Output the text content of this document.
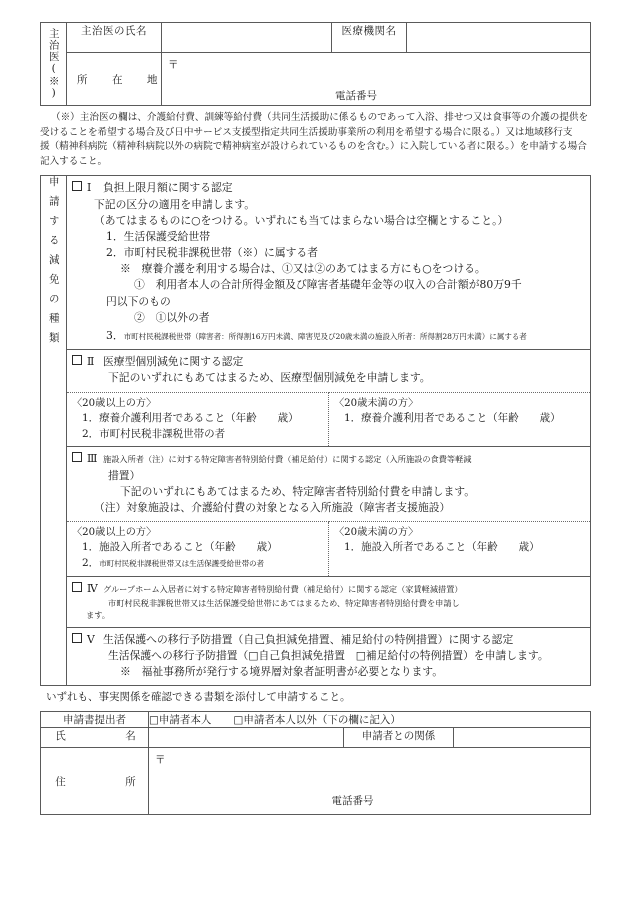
主治医(※)	主治医の氏名		医療機関名	
	所　在　地	〒
電話番号		
（※）主治医の欄は、介護給付費、訓練等給付費（共同生活援助に係るものであって入浴、排せつ又は食事等の介護の提供を
受けることを希望する場合及び日中サービス支援型指定共同生活援助事業所の利用を希望する場合に限る。）又は地域移行支
援（精神科病院（精神科病院以外の病院で精神病室が設けられているものを含む。）に入院している者に限る。）を申請する場合
記入すること。
申請する減免の種類	Ⅰ 負担上限月額に関する認定
下記の区分の適用を申請します。
（あてはまるものに○をつける。いずれにも当てはまらない場合は空欄とすること。）
1．生活保護受給世帯
2．市町村民税非課税世帯（※）に属する者
※　療養介護を利用する場合は、①又は②のあてはまる方にも○をつける。
①　利用者本人の合計所得金額及び障害者基礎年金等の収入の合計額が80万9千
円以下のもの
②　①以外の者
3．市町村民税課税世帯（障害者：所得割16万円未満、障害児及び20歳未満の施設入所者：所得割28万円未満）に属する者
Ⅱ 医療型個別減免に関する認定
下記のいずれにもあてはまるため、医療型個別減免を申請します。
〈20歳以上の方〉
1．療養介護利用者であること（年齢　　歳）
2．市町村民税非課税世帯の者

〈20歳未満の方〉
1．療養介護利用者であること（年齢　　歳）
Ⅲ 施設入所者（注）に対する特定障害者特別給付費（補足給付）に関する認定（入所施設の食費等軽減
措置）
下記のいずれにもあてはまるため、特定障害者特別給付費を申請します。
（注）対象施設は、介護給付費の対象となる入所施設（障害者支援施設）
〈20歳以上の方〉
1．施設入所者であること（年齢　　歳）
2．市町村民税非課税世帯又は生活保護受給世帯の者

〈20歳未満の方〉
1．施設入所者であること（年齢　　歳）
Ⅳ グループホーム入居者に対する特定障害者特別給付費（補足給付）に関する認定（家賃軽減措置）
市町村民税非課税世帯又は生活保護受給世帯にあてはまるため、特定障害者特別給付費を申請し
ます。
Ⅴ 生活保護への移行予防措置（自己負担減免措置、補足給付の特例措置）に関する認定
生活保護への移行予防措置（□自己負担減免措置　□補足給付の特例措置）を申請します。
※　福祉事務所が発行する境界層対象者証明書が必要となります。
いずれも、事実関係を確認できる書類を添付して申請すること。
申請書提出者	□申請者本人 □申請者本人以外（下の欄に記入）		
氏　　　名		申請者との関係	
住　　　所	〒
電話番号		
